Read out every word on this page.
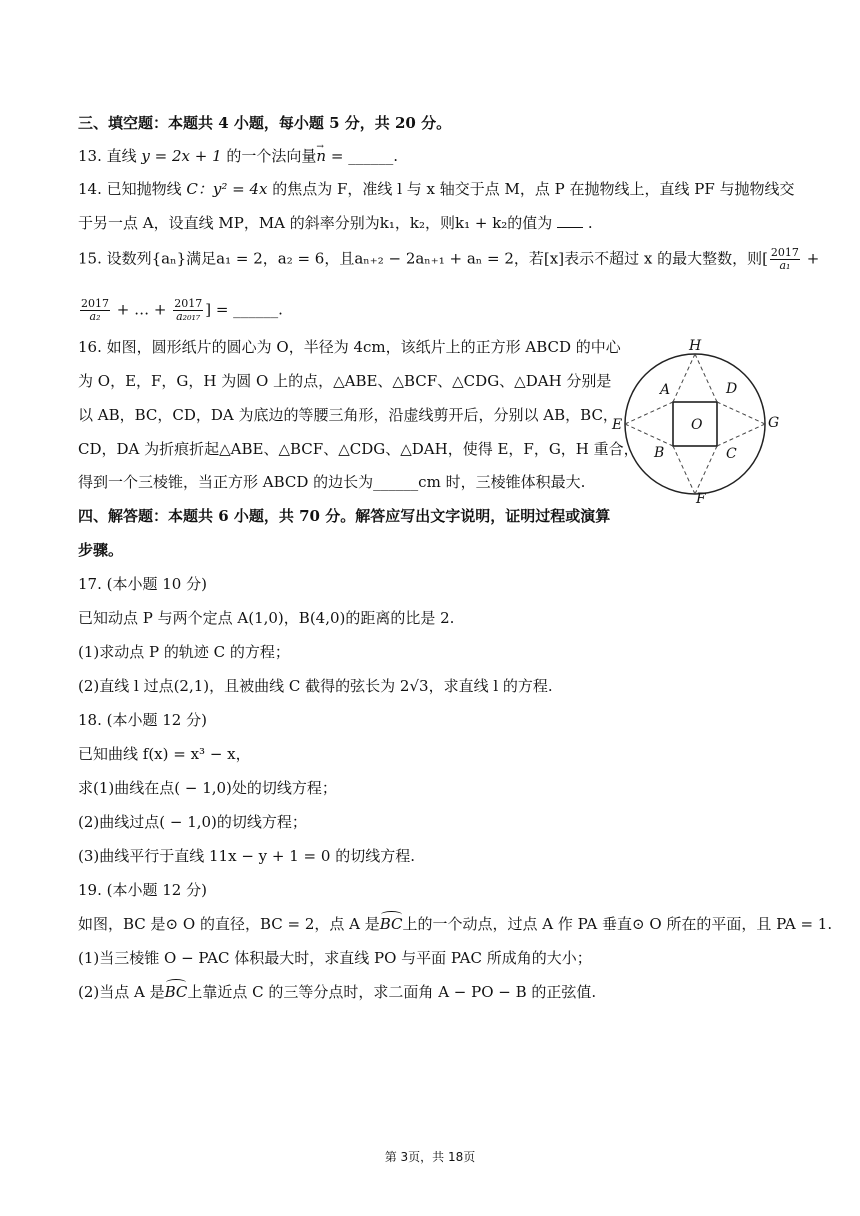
三、填空题：本题共 4 小题，每小题 5 分，共 20 分。
13. 直线 y = 2x + 1 的一个法向量→ n = ______.
14. 已知抛物线 C：y² = 4x 的焦点为 F，准线 l 与 x 轴交于点 M，点 P 在抛物线上，直线 PF 与抛物线交
于另一点 A，设直线 MP，MA 的斜率分别为k₁，k₂，则k₁ + k₂的值为 .
15. 设数列{aₙ}满足a₁ = 2，a₂ = 6，且aₙ₊₂ − 2aₙ₊₁ + aₙ = 2，若[x]表示不超过 x 的最大整数，则[ $\frac{2017}{\text{a₁}}$ +
$\frac{2017}{\text{a₂}}$ + … + $\frac{2017}{\text{a₂₀₁₇}}$ ] = ______.
16. 如图，圆形纸片的圆心为 O，半径为 4cm，该纸片上的正方形 ABCD 的中心
为 O，E，F，G，H 为圆 O 上的点，△ABE、△BCF、△CDG、△DAH 分别是
以 AB，BC，CD，DA 为底边的等腰三角形，沿虚线剪开后，分别以 AB，BC，
CD，DA 为折痕折起△ABE、△BCF、△CDG、△DAH，使得 E，F，G，H 重合，
得到一个三棱锥，当正方形 ABCD 的边长为______cm 时，三棱锥体积最大.
H
E	G
F
A
B	C
D
O
四、解答题：本题共 6 小题，共 70 分。解答应写出文字说明，证明过程或演算
步骤。
17. (本小题 10 分)
已知动点 P 与两个定点 A(1,0)，B(4,0)的距离的比是 2.
(1)求动点 P 的轨迹 C 的方程；
(2)直线 l 过点(2,1)，且被曲线 C 截得的弦长为 2√3，求直线 l 的方程.
18. (本小题 12 分)
已知曲线 f(x) = x³ − x，
求(1)曲线在点( − 1,0)处的切线方程；
(2)曲线过点( − 1,0)的切线方程；
(3)曲线平行于直线 11x − y + 1 = 0 的切线方程.
19. (本小题 12 分)
如图，BC 是⊙ O 的直径，BC = 2，点 A 是BC上的一个动点，过点 A 作 PA 垂直⊙ O 所在的平面，且 PA = 1.
(1)当三棱锥 O − PAC 体积最大时，求直线 PO 与平面 PAC 所成角的大小；
(2)当点 A 是BC上靠近点 C 的三等分点时，求二面角 A − PO − B 的正弦值.
第 3页，共 18页
